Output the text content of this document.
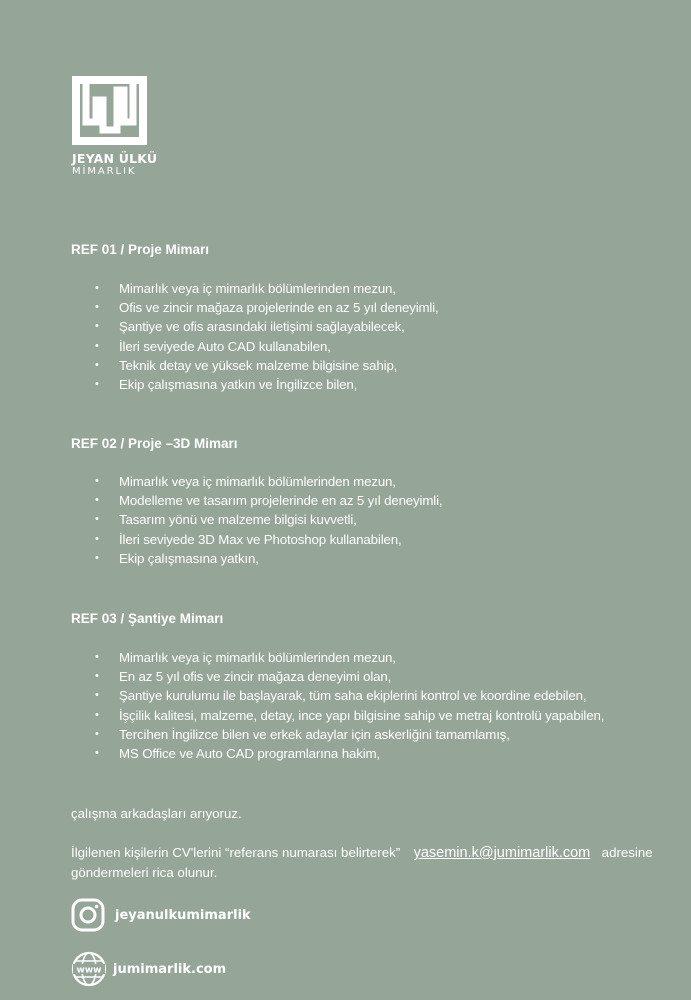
JEYAN ÜLKÜ
MİMARLIK
REF 01 / Proje Mimarı
• Mimarlık veya iç mimarlık bölümlerinden mezun,
• Ofis ve zincir mağaza projelerinde en az 5 yıl deneyimli,
• Şantiye ve ofis arasındaki iletişimi sağlayabilecek,
• İleri seviyede Auto CAD kullanabilen,
• Teknik detay ve yüksek malzeme bilgisine sahip,
• Ekip çalışmasına yatkın ve İngilizce bilen,
REF 02 / Proje –3D Mimarı
• Mimarlık veya iç mimarlık bölümlerinden mezun,
• Modelleme ve tasarım projelerinde en az 5 yıl deneyimli,
• Tasarım yönü ve malzeme bilgisi kuvvetli,
• İleri seviyede 3D Max ve Photoshop kullanabilen,
• Ekip çalışmasına yatkın,
REF 03 / Şantiye Mimarı
• Mimarlık veya iç mimarlık bölümlerinden mezun,
• En az 5 yıl ofis ve zincir mağaza deneyimi olan,
• Şantiye kurulumu ile başlayarak, tüm saha ekiplerini kontrol ve koordine edebilen,
• İşçilik kalitesi, malzeme, detay, ince yapı bilgisine sahip ve metraj kontrolü yapabilen,
• Tercihen İngilizce bilen ve erkek adaylar için askerliğini tamamlamış,
• MS Office ve Auto CAD programlarına hakim,
çalışma arkadaşları arıyoruz.
İlgilenen kişilerin CV'lerini “referans numarası belirterek” yasemin.k@jumimarlik.com adresine
göndermeleri rica olunur.
jeyanulkumimarlik
www jumimarlik.com
